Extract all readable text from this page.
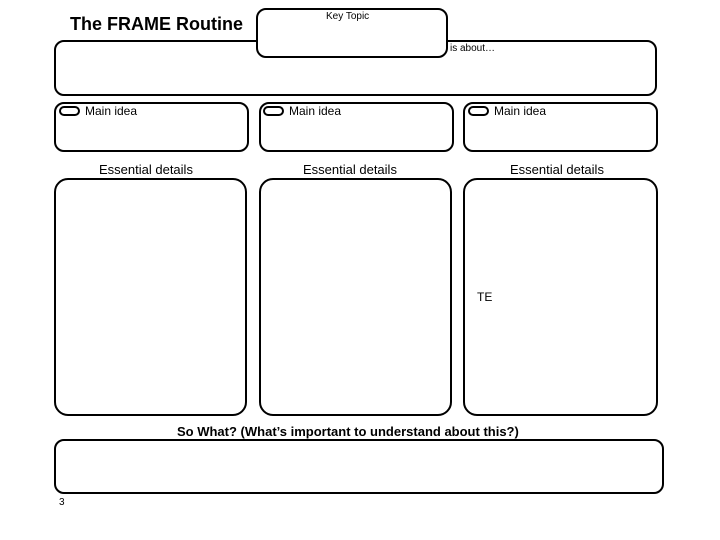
The FRAME Routine
is about…
Key Topic
Main idea
Essential details
Main idea
Essential details
Main idea
Essential details
TE
So What? (What’s important to understand about this?)
3
